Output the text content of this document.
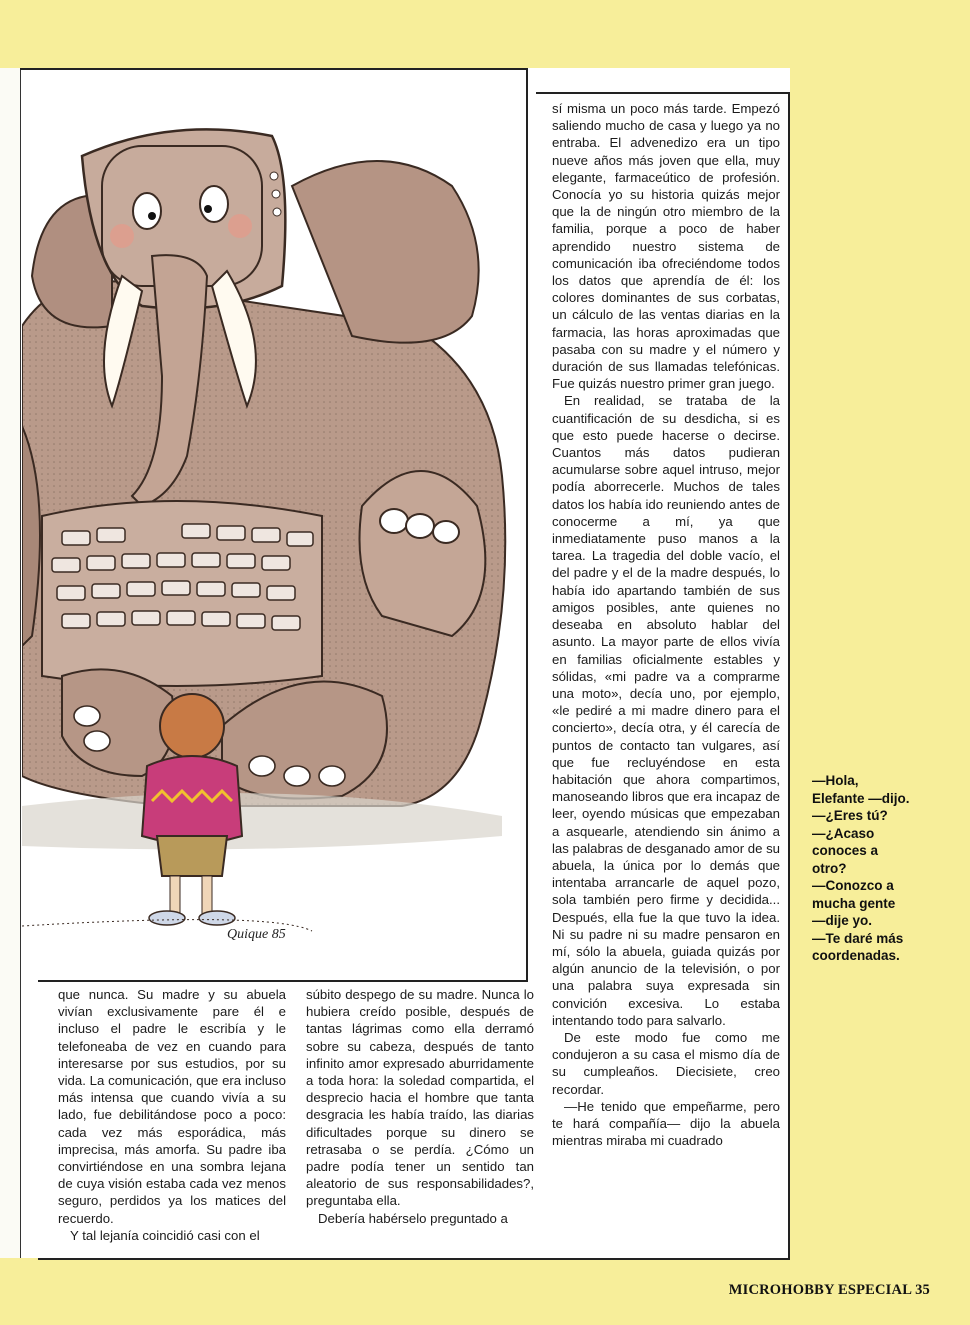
Quique 85

sí misma un poco más tarde. Empezó saliendo mucho de casa y luego ya no entraba. El advenedizo era un tipo nueve años más joven que ella, muy elegante, farmaceútico de profesión. Conocía yo su historia quizás mejor que la de ningún otro miembro de la familia, porque a poco de haber aprendido nuestro sistema de comunicación iba ofreciéndome todos los datos que aprendía de él: los colores dominantes de sus corbatas, un cálculo de las ventas diarias en la farmacia, las horas aproximadas que pasaba con su madre y el número y duración de sus llamadas telefónicas. Fue quizás nuestro primer gran juego.

En realidad, se trataba de la cuantificación de su desdicha, si es que esto puede hacerse o decirse. Cuantos más datos pudieran acumularse sobre aquel intruso, mejor podía aborrecerle. Muchos de tales datos los había ido reuniendo antes de conocerme a mí, ya que inmediatamente puso manos a la tarea. La tragedia del doble vacío, el del padre y el de la madre después, lo había ido apartando también de sus amigos posibles, ante quienes no deseaba en absoluto hablar del asunto. La mayor parte de ellos vivía en familias oficialmente estables y sólidas, «mi padre va a comprarme una moto», decía uno, por ejemplo, «le pediré a mi madre dinero para el concierto», decía otra, y él carecía de puntos de contacto tan vulgares, así que fue recluyéndose en esta habitación que ahora compartimos, manoseando libros que era incapaz de leer, oyendo músicas que empezaban a asquearle, atendiendo sin ánimo a las palabras de desganado amor de su abuela, la única por lo demás que intentaba arrancarle de aquel pozo, sola también pero firme y decidida... Después, ella fue la que tuvo la idea. Ni su padre ni su madre pensaron en mí, sólo la abuela, guiada quizás por algún anuncio de la televisión, o por una palabra suya expresada sin convición excesiva. Lo estaba intentando todo para salvarlo.

De este modo fue como me condujeron a su casa el mismo día de su cumpleaños. Diecisiete, creo recordar.

—He tenido que empeñarme, pero te hará compañía— dijo la abuela mientras miraba mi cuadrado

que nunca. Su madre y su abuela vivían exclusivamente pare él e incluso el padre le escribía y le telefoneaba de vez en cuando para interesarse por sus estudios, por su vida. La comunicación, que era incluso más intensa que cuando vivía a su lado, fue debilitándose poco a poco: cada vez más esporádica, más imprecisa, más amorfa. Su padre iba convirtiéndose en una sombra lejana de cuya visión estaba cada vez menos seguro, perdidos ya los matices del recuerdo.

Y tal lejanía coincidió casi con el

súbito despego de su madre. Nunca lo hubiera creído posible, después de tantas lágrimas como ella derramó sobre su cabeza, después de tanto infinito amor expresado aburridamente a toda hora: la soledad compartida, el desprecio hacia el hombre que tanta desgracia les había traído, las diarias dificultades porque su dinero se retrasaba o se perdía. ¿Cómo un padre podía tener un sentido tan aleatorio de sus responsabilidades?, preguntaba ella.

Debería habérselo preguntado a

—Hola,
Elefante —dijo.
—¿Eres tú?
—¿Acaso
conoces a
otro?
—Conozco a
mucha gente
—dije yo.
—Te daré más
coordenadas.
MICROHOBBY ESPECIAL 35
